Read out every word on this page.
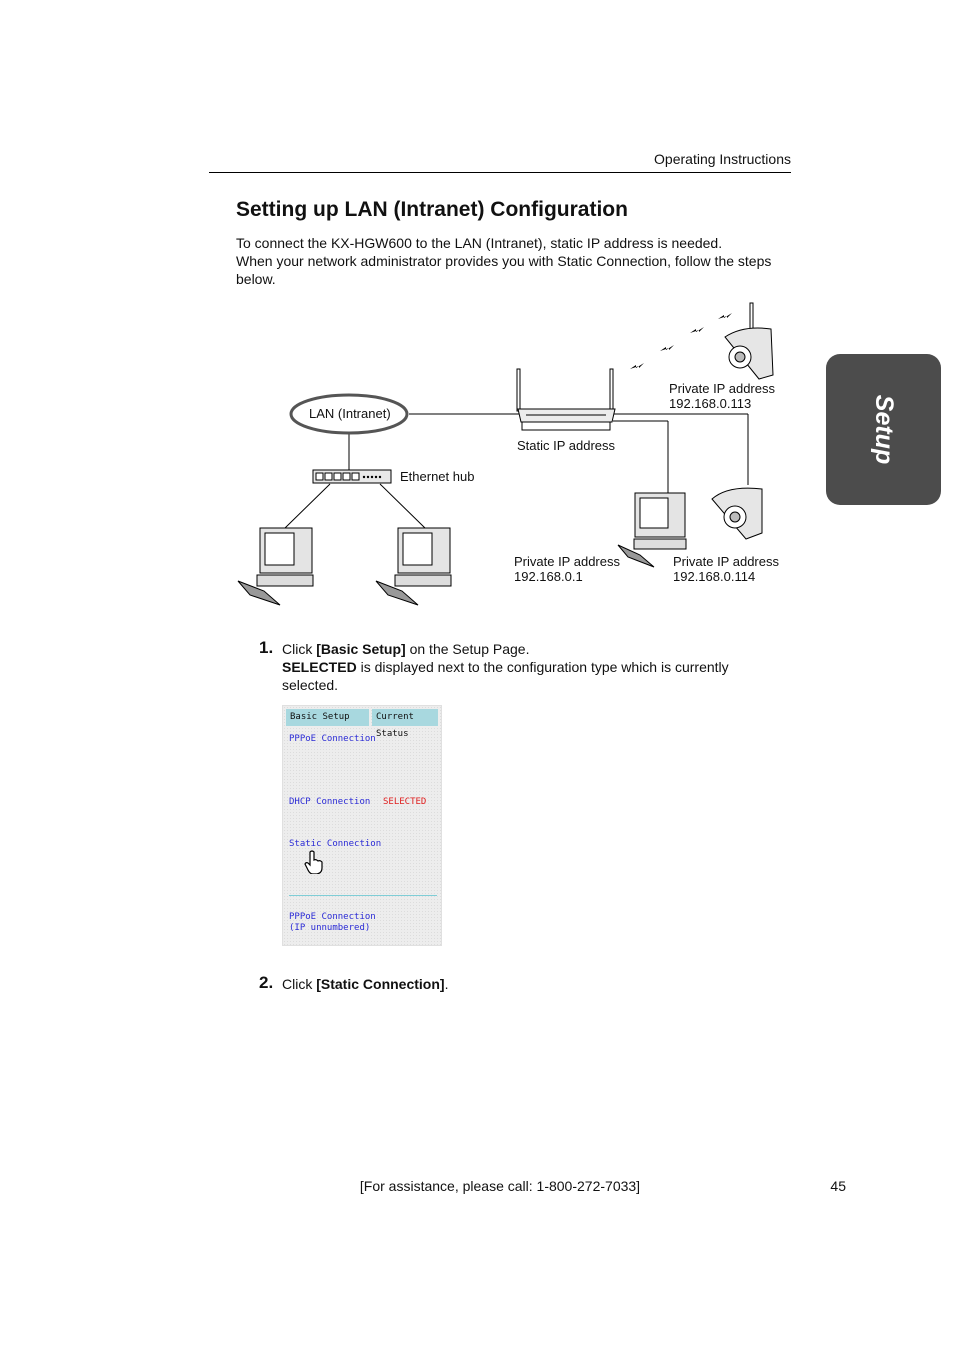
Operating Instructions
Setup
Setting up LAN (Intranet) Configuration

To connect the KX-HGW600 to the LAN (Intranet), static IP address is needed.

When your network administrator provides you with Static Connection, follow the steps below.

LAN (Intranet)
Ethernet hub
Static IP address
Private IP address
192.168.0.113
Private IP address
192.168.0.1
Private IP address
192.168.0.114
1. Click [Basic Setup] on the Setup Page.

SELECTED is displayed next to the configuration type which is currently selected.

Basic Setup	Current Status
PPPoE Connection
DHCP Connection SELECTED
Static Connection
PPPoE Connection
(IP unnumbered)
2. Click [Static Connection].

[For assistance, please call: 1-800-272-7033]	45
